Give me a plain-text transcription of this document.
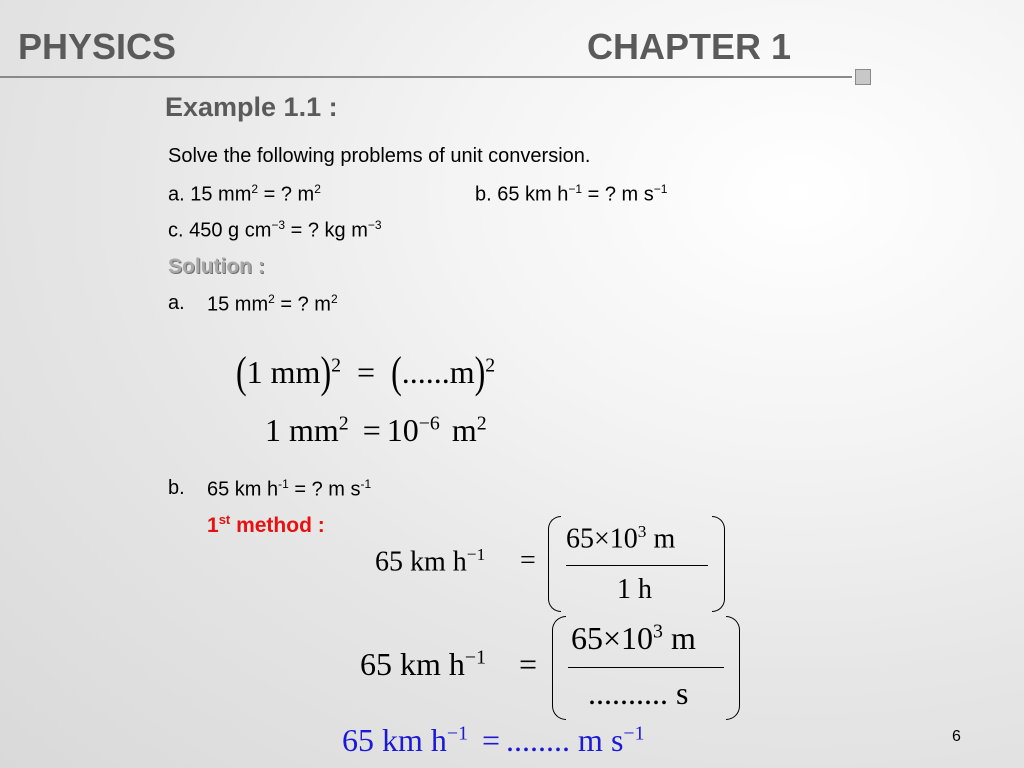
PHYSICS	CHAPTER 1
Example 1.1 :
Solve the following problems of unit conversion.
a. 15 $mm^2$ = ? $m^2$	b. 65 km $h^{-1}$ = ? m $s^{-1}$
c. 450 g $cm^{-3}$ = ? kg $m^{-3}$
Solution :
a. 15 $mm^2$ = ? $m^2$
(1 $mm)^2 = (......m)^2$
1 $mm^2 = 10^{-6}$ $m^2$
b. 65 km $h^{-1}$ = ? m $s^{-1}$
1st method :
65 km $h^{-1}$ =
$65\times 10^3$ m
1 h
65 km $h^{-1}$ =
$65\times 10^3$ m
.......... s
65 km $h^{-1}$ = ........ m $s^{-1}$	6
